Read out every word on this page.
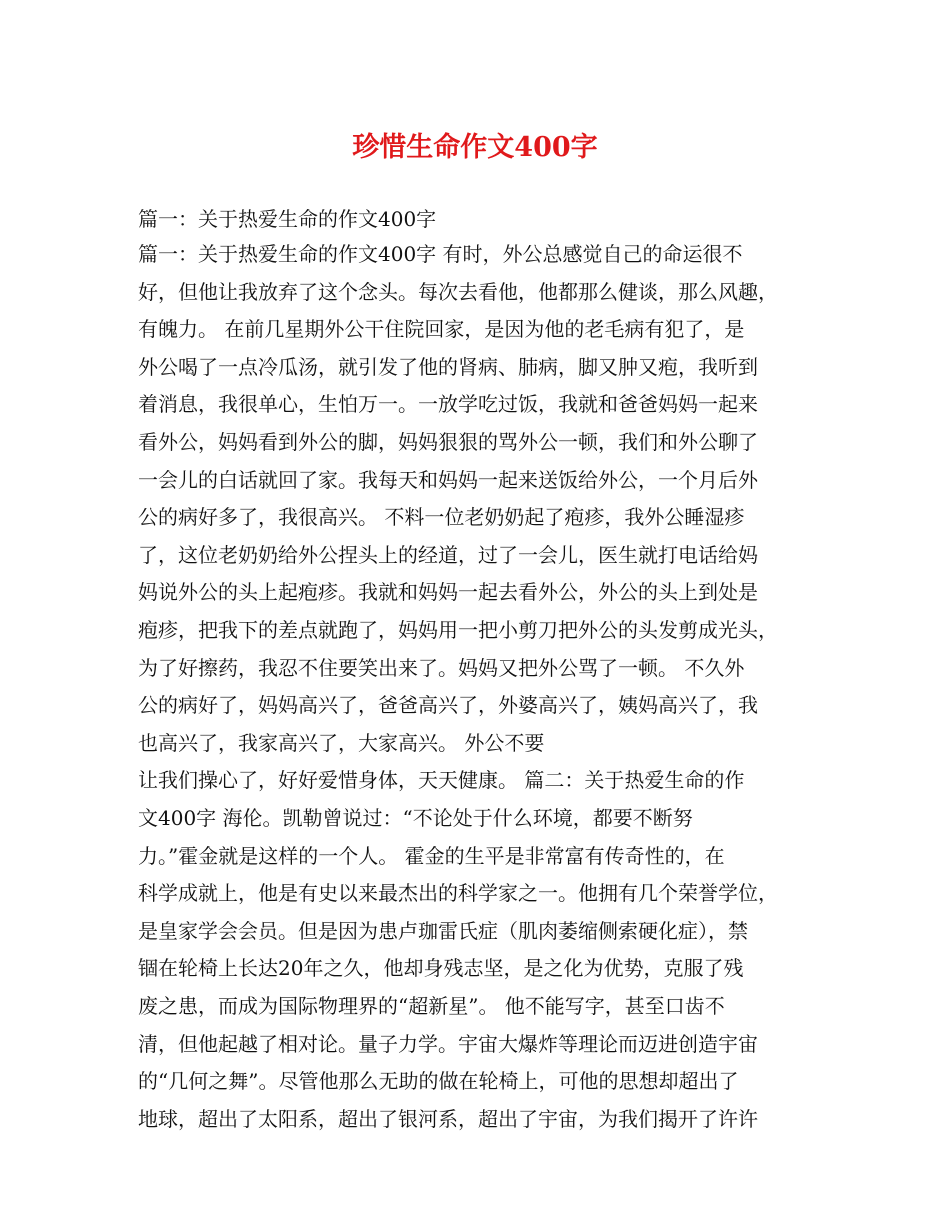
珍惜生命作文400字
篇一：关于热爱生命的作文400字
篇一：关于热爱生命的作文400字 有时，外公总感觉自己的命运很不
好，但他让我放弃了这个念头。每次去看他，他都那么健谈，那么风趣，
有魄力。 在前几星期外公干住院回家，是因为他的老毛病有犯了，是
外公喝了一点冷瓜汤，就引发了他的肾病、肺病，脚又肿又疱，我听到
着消息，我很单心，生怕万一。一放学吃过饭，我就和爸爸妈妈一起来
看外公，妈妈看到外公的脚，妈妈狠狠的骂外公一顿，我们和外公聊了
一会儿的白话就回了家。我每天和妈妈一起来送饭给外公，一个月后外
公的病好多了，我很高兴。 不料一位老奶奶起了疱疹，我外公睡湿疹
了，这位老奶奶给外公捏头上的经道，过了一会儿，医生就打电话给妈
妈说外公的头上起疱疹。我就和妈妈一起去看外公，外公的头上到处是
疱疹，把我下的差点就跑了，妈妈用一把小剪刀把外公的头发剪成光头，
为了好擦药，我忍不住要笑出来了。妈妈又把外公骂了一顿。 不久外
公的病好了，妈妈高兴了，爸爸高兴了，外婆高兴了，姨妈高兴了，我
也高兴了，我家高兴了，大家高兴。 外公不要
让我们操心了，好好爱惜身体，天天健康。 篇二：关于热爱生命的作
文400字 海伦。凯勒曾说过：“不论处于什么环境，都要不断努
力。”霍金就是这样的一个人。 霍金的生平是非常富有传奇性的，在
科学成就上，他是有史以来最杰出的科学家之一。他拥有几个荣誉学位，
是皇家学会会员。但是因为患卢珈雷氏症（肌肉萎缩侧索硬化症），禁
锢在轮椅上长达20年之久，他却身残志坚，是之化为优势，克服了残
废之患，而成为国际物理界的“超新星”。 他不能写字，甚至口齿不
清，但他起越了相对论。量子力学。宇宙大爆炸等理论而迈进创造宇宙
的“几何之舞”。尽管他那么无助的做在轮椅上，可他的思想却超出了
地球，超出了太阳系，超出了银河系，超出了宇宙，为我们揭开了许许
